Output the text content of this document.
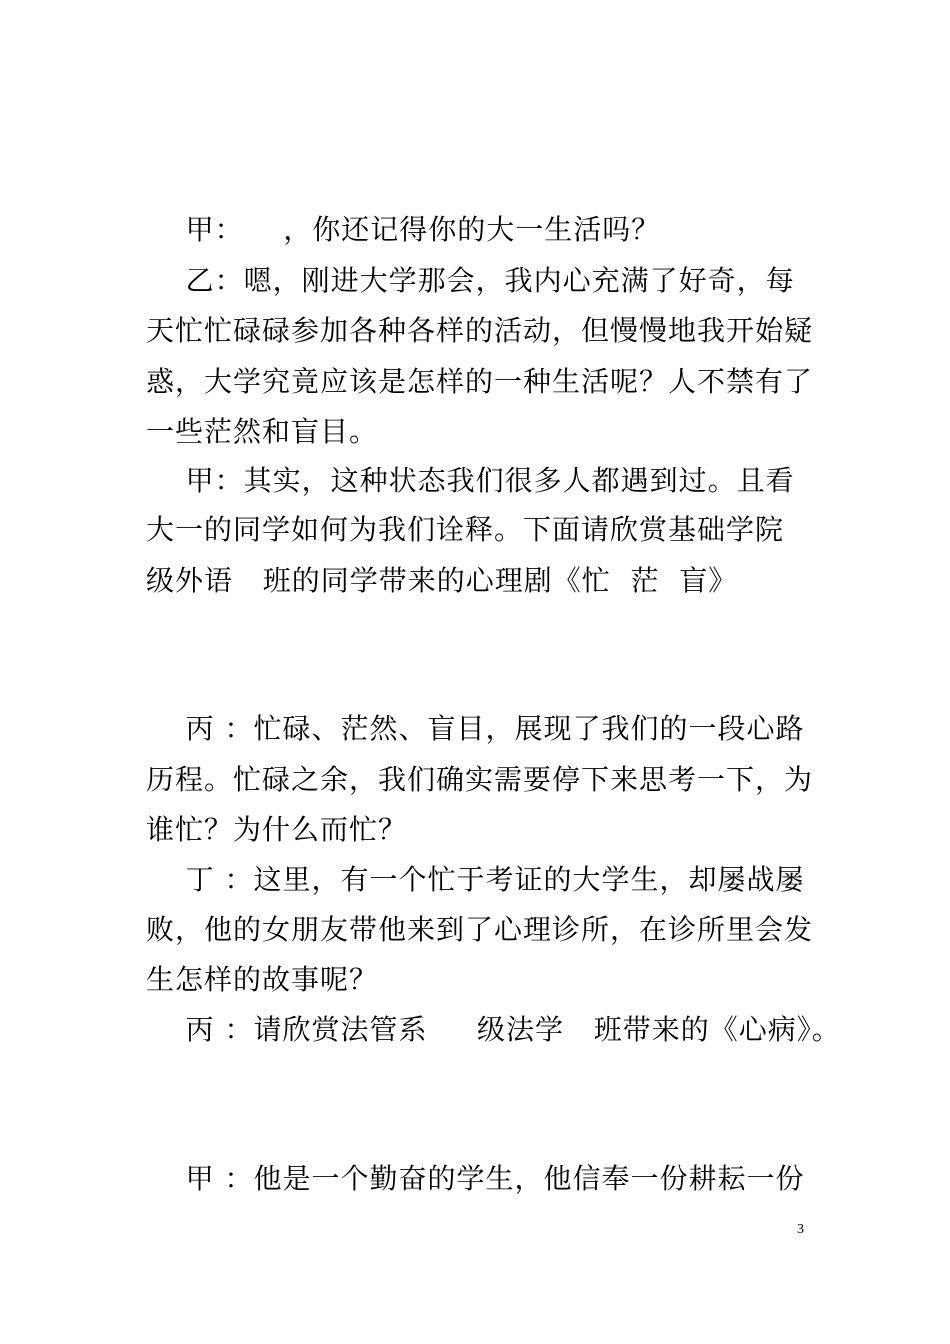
甲：    ，你还记得你的大一生活吗？
乙：嗯，刚进大学那会，我内心充满了好奇，每
天忙忙碌碌参加各种各样的活动，但慢慢地我开始疑
惑，大学究竟应该是怎样的一种生活呢？人不禁有了
一些茫然和盲目。
甲：其实，这种状态我们很多人都遇到过。且看
大一的同学如何为我们诠释。下面请欣赏基础学院
级外语   班的同学带来的心理剧《忙  茫  盲》
丙 ：忙碌、茫然、盲目，展现了我们的一段心路
历程。忙碌之余，我们确实需要停下来思考一下，为
谁忙？为什么而忙？
丁 ：这里，有一个忙于考证的大学生，却屡战屡
败，他的女朋友带他来到了心理诊所，在诊所里会发
生怎样的故事呢？
丙 ：请欣赏法管系     级法学   班带来的《心病》。
甲 ：他是一个勤奋的学生，他信奉一份耕耘一份
3
